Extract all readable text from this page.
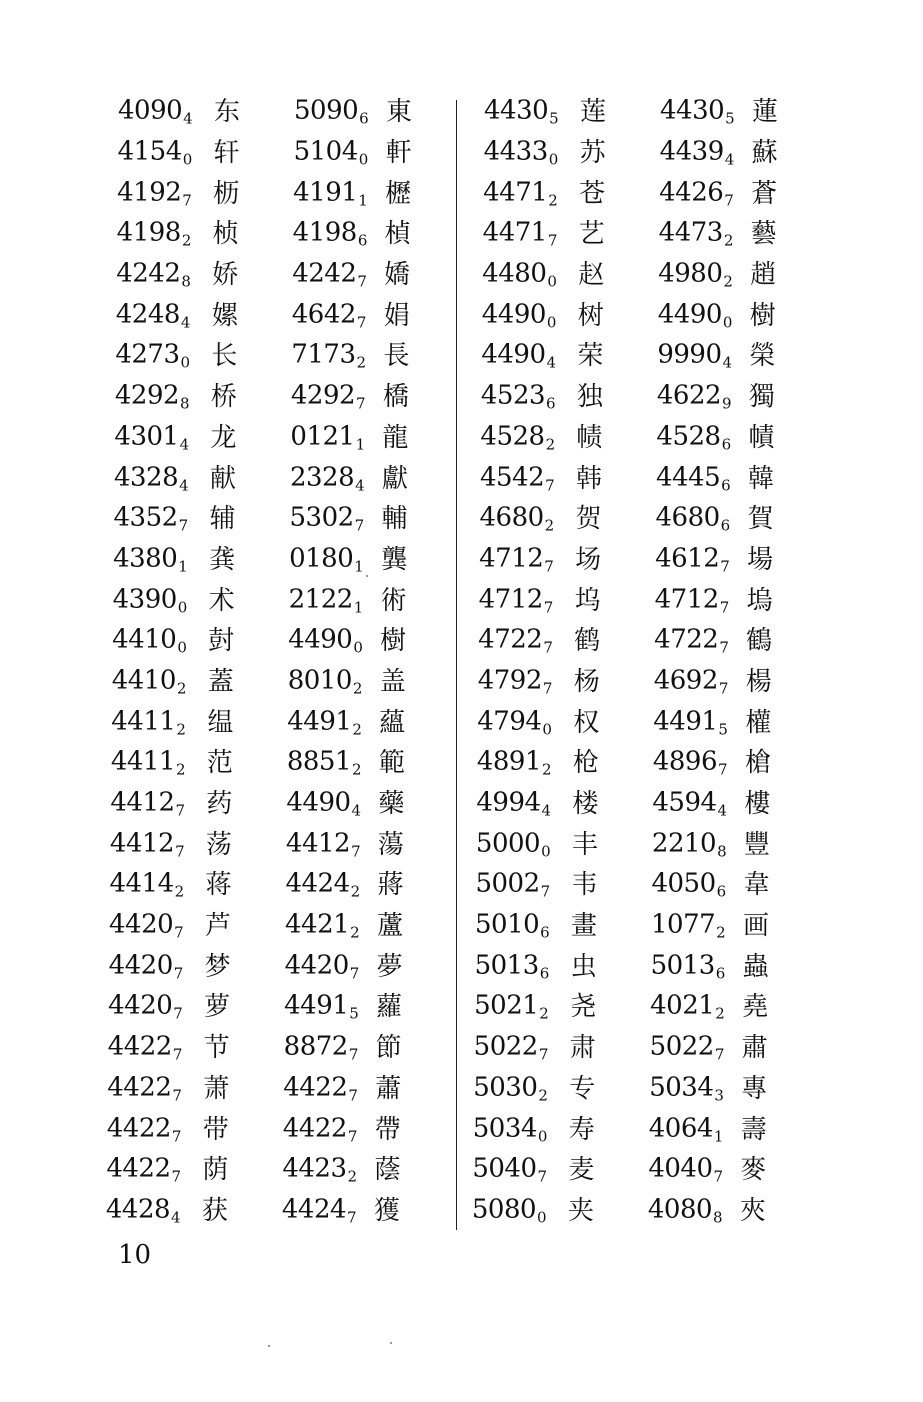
$4090_4$ 东 $5090_6$ 東
$4154_0$ 轩 $5104_0$ 軒
$4192_7$ 枥 $4191_1$ 櫪
$4198_2$ 桢 $4198_6$ 楨
$4242_8$ 娇 $4242_7$ 嬌
$4248_4$ 嫘 $4642_7$ 娟
$4273_0$ 长 $7173_2$ 長
$4292_8$ 桥 $4292_7$ 橋
$4301_4$ 龙 $0121_1$ 龍
$4328_4$ 献 $2328_4$ 獻
$4352_7$ 辅 $5302_7$ 輔
$4380_1$ 龚 $0180_1$ 龔
$4390_0$ 术 $2122_1$ 術
$4410_0$ 尌 $4490_0$ 樹
$4410_2$ 蓋 $8010_2$ 盖
$4411_2$ 缊 $4491_2$ 蘊
$4411_2$ 范 $8851_2$ 範
$4412_7$ 药 $4490_4$ 藥
$4412_7$ 荡 $4412_7$ 蕩
$4414_2$ 蒋 $4424_2$ 蔣
$4420_7$ 芦 $4421_2$ 蘆
$4420_7$ 梦 $4420_7$ 夢
$4420_7$ 萝 $4491_5$ 蘿
$4422_7$ 节 $8872_7$ 節
$4422_7$ 萧 $4422_7$ 蕭
$4422_7$ 带 $4422_7$ 帶
$4422_7$ 荫 $4423_2$ 蔭
$4428_4$ 获 $4424_7$ 獲
$4430_5$ 莲 $4430_5$ 蓮
$4433_0$ 苏 $4439_4$ 蘇
$4471_2$ 苍 $4426_7$ 蒼
$4471_7$ 艺 $4473_2$ 藝
$4480_0$ 赵 $4980_2$ 趙
$4490_0$ 树 $4490_0$ 樹
$4490_4$ 荣 $9990_4$ 榮
$4523_6$ 独 $4622_9$ 獨
$4528_2$ 帻 $4528_6$ 幘
$4542_7$ 韩 $4445_6$ 韓
$4680_2$ 贺 $4680_6$ 賀
$4712_7$ 场 $4612_7$ 場
$4712_7$ 坞 $4712_7$ 塢
$4722_7$ 鹤 $4722_7$ 鶴
$4792_7$ 杨 $4692_7$ 楊
$4794_0$ 权 $4491_5$ 權
$4891_2$ 枪 $4896_7$ 槍
$4994_4$ 楼 $4594_4$ 樓
$5000_0$ 丰 $2210_8$ 豐
$5002_7$ 韦 $4050_6$ 韋
$5010_6$ 畫 $1077_2$ 画
$5013_6$ 虫 $5013_6$ 蟲
$5021_2$ 尧 $4021_2$ 堯
$5022_7$ 肃 $5022_7$ 肅
$5030_2$ 专 $5034_3$ 專
$5034_0$ 寿 $4064_1$ 壽
$5040_7$ 麦 $4040_7$ 麥
$5080_0$ 夹 $4080_8$ 夾
10
